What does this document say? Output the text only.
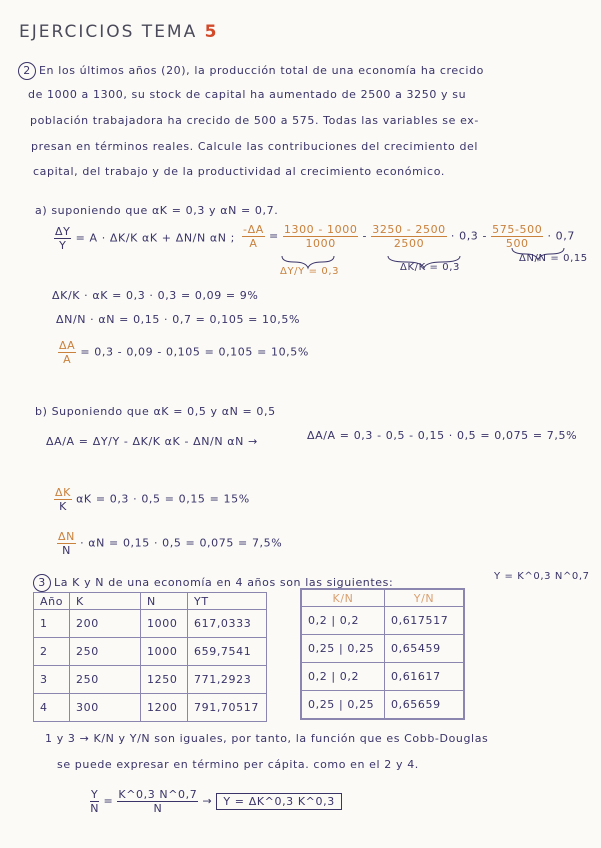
EJERCICIOS TEMA 5
2 En los últimos años (20), la producción total de una economía ha crecido
de 1000 a 1300, su stock de capital ha aumentado de 2500 a 3250 y su
población trabajadora ha crecido de 500 a 575. Todas las variables se ex-
presan en términos reales. Calcule las contribuciones del crecimiento del
capital, del trabajo y de la productividad al crecimiento económico.
a) suponiendo que αK = 0,3 y αN = 0,7.
$\frac{\Delta Y}{Y} = A \cdot \Delta K/K$ αK + ΔN/N αN ; $\frac{-\Delta A}{A} = \frac{1300 - 1000}{1000} - \frac{3250 - 2500}{2500} \cdot 0,3 - \frac{575-500}{500} \cdot 0,7$
ΔY/Y = 0,3	ΔK/K = 0,3
ΔN/N = 0,15
ΔK/K · αK = 0,3 · 0,3 = 0,09 = 9%
ΔN/N · αN = 0,15 · 0,7 = 0,105 = 10,5%
$\frac{\Delta A}{A} = 0,3 - 0,09 - 0,105 = 0,105 = 10,5\%$
b) Suponiendo que αK = 0,5 y αN = 0,5
ΔA/A = ΔY/Y - ΔK/K αK - ΔN/N αN →	ΔA/A = 0,3 - 0,5 - 0,15 · 0,5 = 0,075 = 7,5%
$\frac{\Delta K}{K}$ αK = 0,3 · 0,5 = 0,15 = 15%
$\frac{\Delta N}{N} \cdot \alpha N = 0,15 \cdot 0,5 = 0,075 = 7,5\%$
3 La K y N de una economía en 4 años son las siguientes:	Y = K^0,3 N^0,7
Año	K	N	YT
1	200	1000	617,0333
2	250	1000	659,7541
3	250	1250	771,2923
4	300	1200	791,70517
K/N	Y/N
0,2 | 0,2	0,617517
0,25 | 0,25	0,65459
0,2 | 0,2	0,61617
0,25 | 0,25	0,65659
1 y 3 → K/N y Y/N son iguales, por tanto, la función que es Cobb-Douglas
se puede expresar en término per cápita. como en el 2 y 4.
$\frac{Y}{N} = \frac{K\^{}0,3 N\^{}0,7}{N} \to Y$ = ΔK^0,3 K^0,3
